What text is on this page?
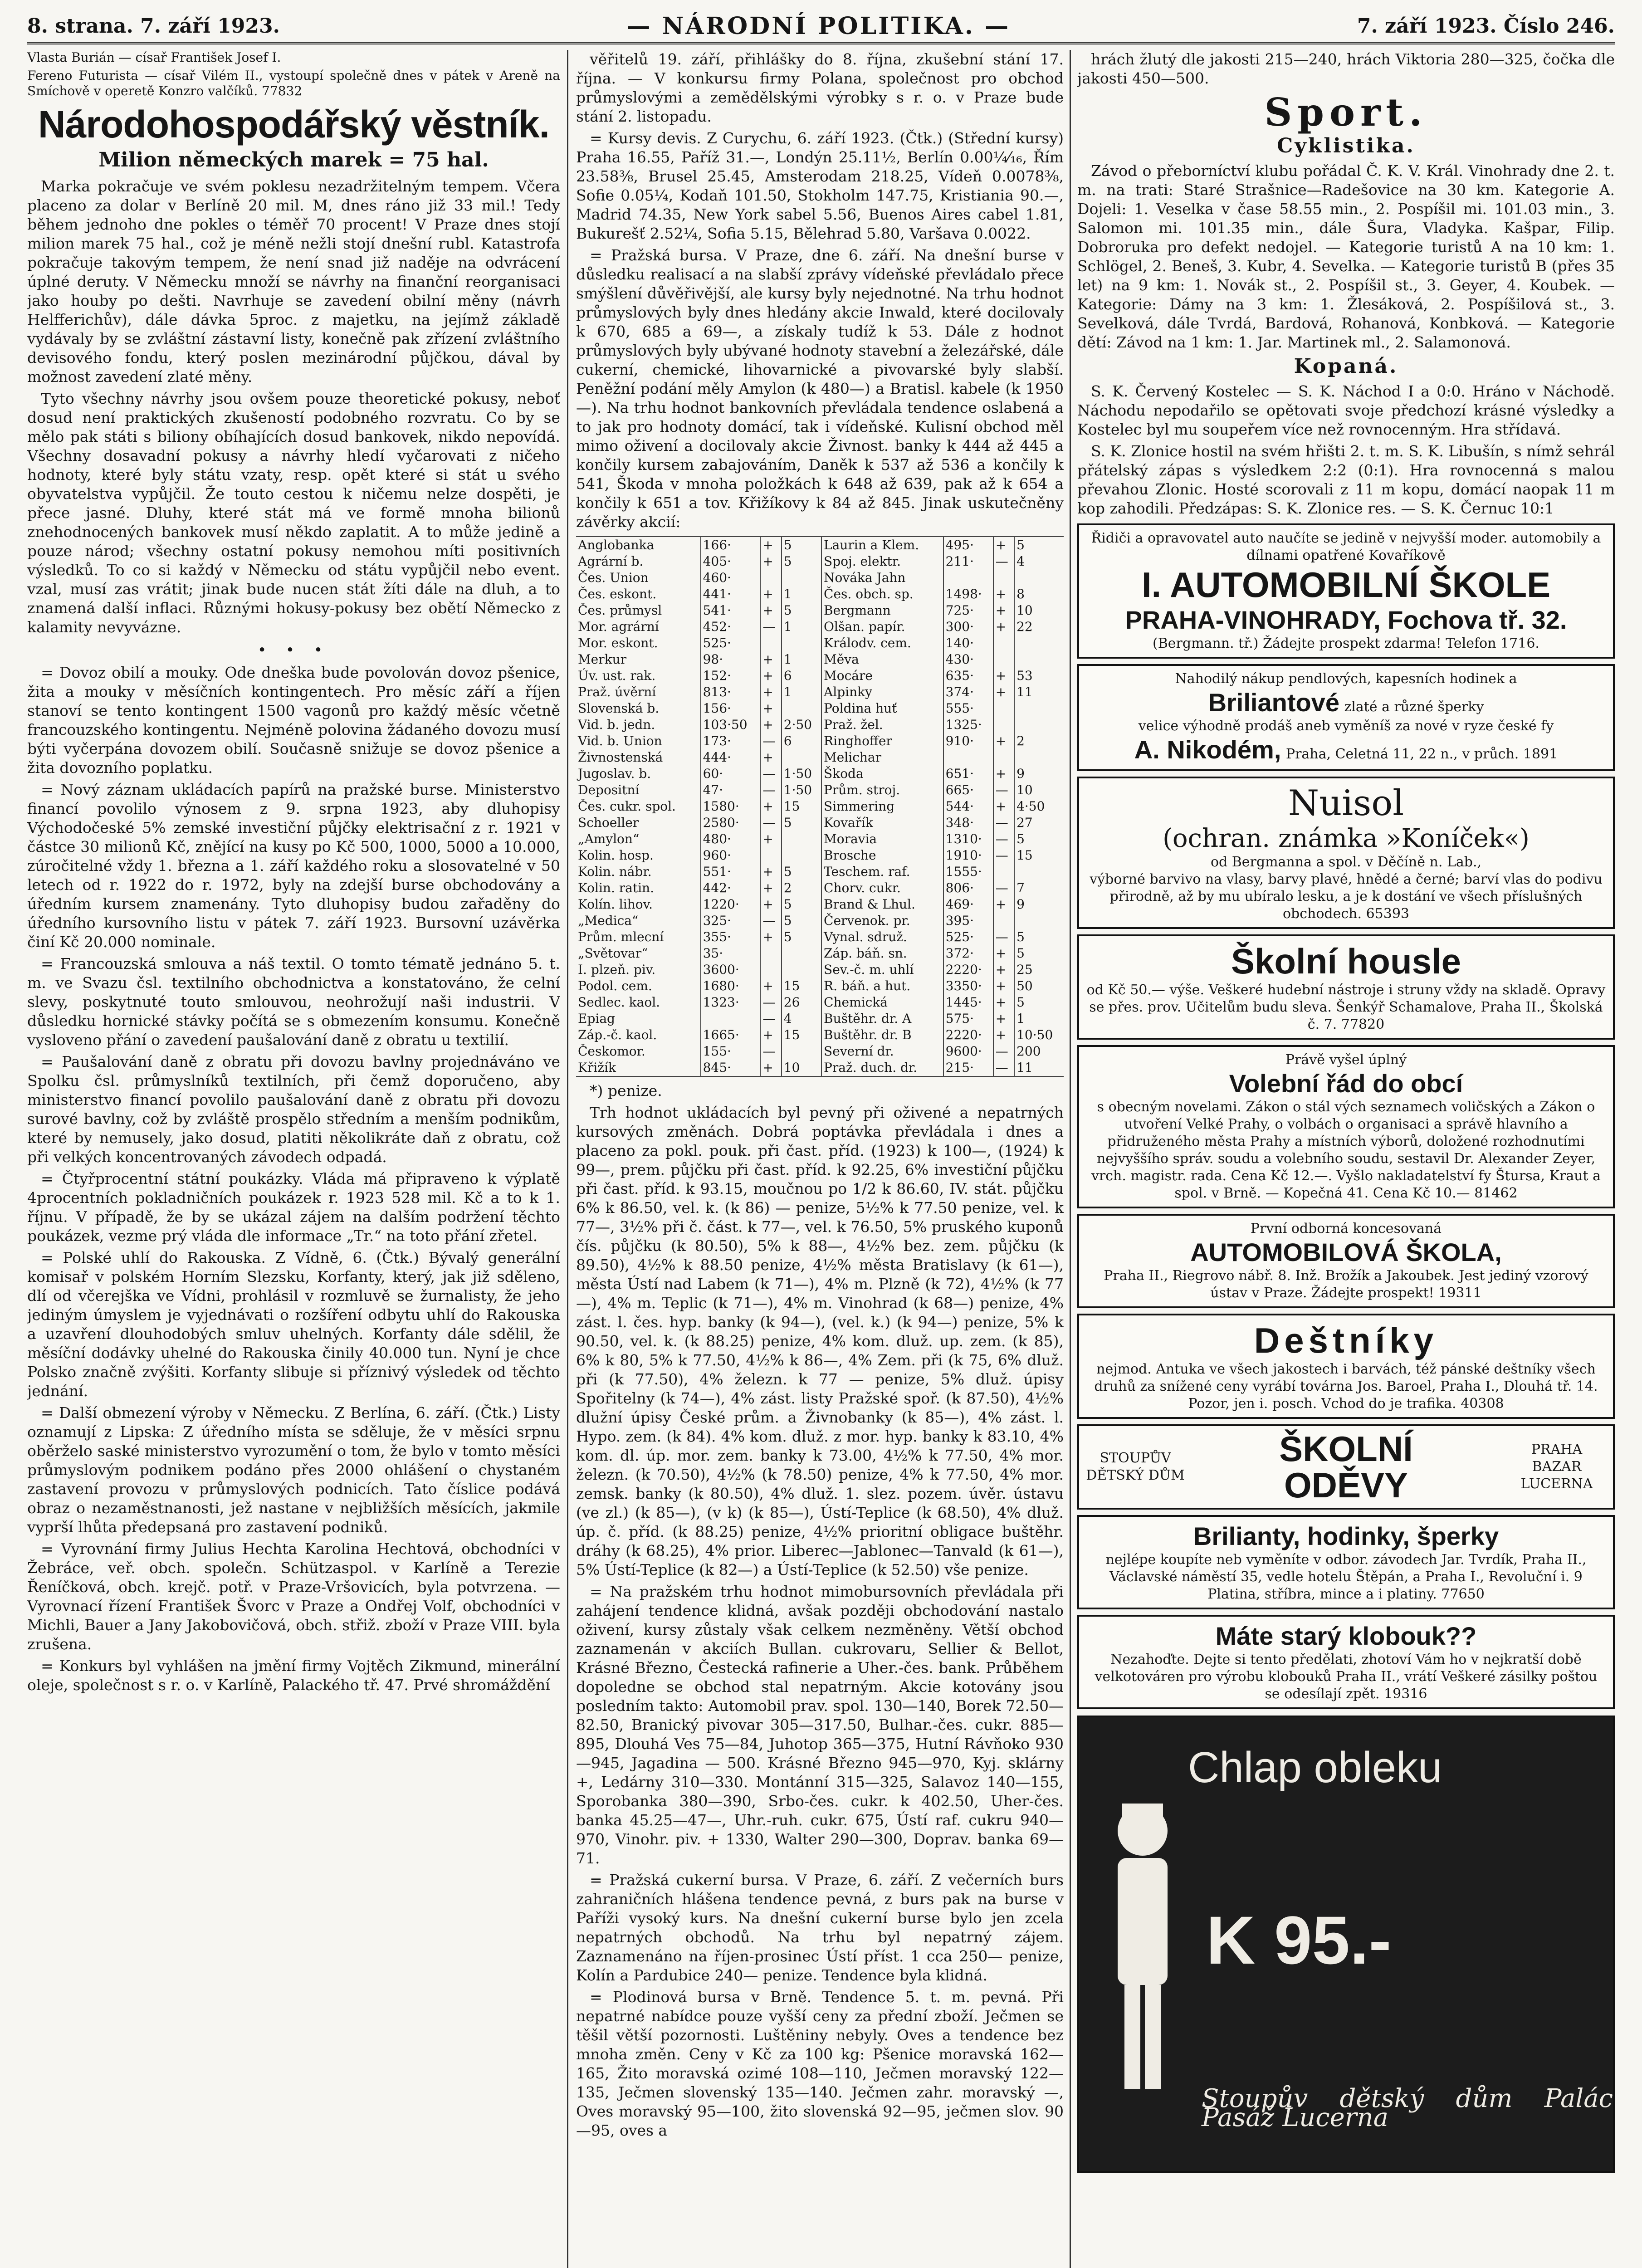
8. strana. 7. září 1923.	— NÁRODNÍ POLITIKA. —	7. září 1923. Číslo 246.

Vlasta Burián — císař František Josef I.

Fereno Futurista — císař Vilém II., vystoupí společně dnes v pátek v Areně na Smíchově v operetě Konzro valčíků. 77832

Národohospodářský věstník.
Milion německých marek = 75 hal.

Marka pokračuje ve svém poklesu nezadržitelným tempem. Včera placeno za dolar v Berlíně 20 mil. M, dnes ráno již 33 mil.! Tedy během jednoho dne pokles o téměř 70 procent! V Praze dnes stojí milion marek 75 hal., což je méně nežli stojí dnešní rubl. Katastrofa pokračuje takovým tempem, že není snad již naděje na odvrácení úplné deruty. V Německu množí se návrhy na finanční reorganisaci jako houby po dešti. Navrhuje se zavedení obilní měny (návrh Helfferichův), dále dávka 5proc. z majetku, na jejímž základě vydávaly by se zvláštní zástavní listy, konečně pak zřízení zvláštního devisového fondu, který poslen mezinárodní půjčkou, dával by možnost zavedení zlaté měny.

Tyto všechny návrhy jsou ovšem pouze theoretické pokusy, neboť dosud není praktických zkušeností podobného rozvratu. Co by se mělo pak státi s biliony obíhajících dosud bankovek, nikdo nepovídá. Všechny dosavadní pokusy a návrhy hledí vyčarovati z ničeho hodnoty, které byly státu vzaty, resp. opět které si stát u svého obyvatelstva vypůjčil. Že touto cestou k ničemu nelze dospěti, je přece jasné. Dluhy, které stát má ve formě mnoha bilionů znehodnocených bankovek musí někdo zaplatit. A to může jedině a pouze národ; všechny ostatní pokusy nemohou míti positivních výsledků. To co si každý v Německu od státu vypůjčil nebo event. vzal, musí zas vrátit; jinak bude nucen stát žíti dále na dluh, a to znamená další inflaci. Různými hokusy-pokusy bez obětí Německo z kalamity nevyvázne.

• • •

= Dovoz obilí a mouky. Ode dneška bude povolován dovoz pšenice, žita a mouky v měsíčních kontingentech. Pro měsíc září a říjen stanoví se tento kontingent 1500 vagonů pro každý měsíc včetně francouzského kontingentu. Nejméně polovina žádaného dovozu musí býti vyčerpána dovozem obilí. Současně snižuje se dovoz pšenice a žita dovozního poplatku.

= Nový záznam ukládacích papírů na pražské burse. Ministerstvo financí povolilo výnosem z 9. srpna 1923, aby dluhopisy Východočeské 5% zemské investiční půjčky elektrisační z r. 1921 v částce 30 milionů Kč, znějící na kusy po Kč 500, 1000, 5000 a 10.000, zúročitelné vždy 1. března a 1. září každého roku a slosovatelné v 50 letech od r. 1922 do r. 1972, byly na zdejší burse obchodovány a úředním kursem znamenány. Tyto dluhopisy budou zařaděny do úředního kursovního listu v pátek 7. září 1923. Bursovní uzávěrka činí Kč 20.000 nominale.

= Francouzská smlouva a náš textil. O tomto tématě jednáno 5. t. m. ve Svazu čsl. textilního obchodnictva a konstatováno, že celní slevy, poskytnuté touto smlouvou, neohrožují naši industrii. V důsledku hornické stávky počítá se s obmezením konsumu. Konečně vysloveno přání o zavedení paušalování daně z obratu u textilií.

= Paušalování daně z obratu při dovozu bavlny projednáváno ve Spolku čsl. průmyslníků textilních, při čemž doporučeno, aby ministerstvo financí povolilo paušalování daně z obratu při dovozu surové bavlny, což by zvláště prospělo středním a menším podnikům, které by nemusely, jako dosud, platiti několikráte daň z obratu, což při velkých koncentrovaných závodech odpadá.

= Čtyřprocentní státní poukázky. Vláda má připraveno k výplatě 4procentních pokladničních poukázek r. 1923 528 mil. Kč a to k 1. říjnu. V případě, že by se ukázal zájem na dalším podržení těchto poukázek, vezme prý vláda dle informace „Tr.“ na toto přání zřetel.

= Polské uhlí do Rakouska. Z Vídně, 6. (Čtk.) Bývalý generální komisař v polském Horním Slezsku, Korfanty, který, jak již sděleno, dlí od včerejška ve Vídni, prohlásil v rozmluvě se žurnalisty, že jeho jediným úmyslem je vyjednávati o rozšíření odbytu uhlí do Rakouska a uzavření dlouhodobých smluv uhelných. Korfanty dále sdělil, že měsíční dodávky uhelné do Rakouska činily 40.000 tun. Nyní je chce Polsko značně zvýšiti. Korfanty slibuje si příznivý výsledek od těchto jednání.

= Další obmezení výroby v Německu. Z Berlína, 6. září. (Čtk.) Listy oznamují z Lipska: Z úředního místa se sděluje, že v měsíci srpnu oběrželo saské ministerstvo vyrozumění o tom, že bylo v tomto měsíci průmyslovým podnikem podáno přes 2000 ohlášení o chystaném zastavení provozu v průmyslových podnicích. Tato číslice podává obraz o nezaměstnanosti, jež nastane v nejbližších měsících, jakmile vyprší lhůta předepsaná pro zastavení podniků.

= Vyrovnání firmy Julius Hechta Karolina Hechtová, obchodníci v Žebráce, veř. obch. společn. Schützaspol. v Karlíně a Terezie Řeníčková, obch. krejč. potř. v Praze-Vršovicích, byla potvrzena. — Vyrovnací řízení František Švorc v Praze a Ondřej Volf, obchodníci v Michli, Bauer a Jany Jakobovičová, obch. střiž. zboží v Praze VIII. byla zrušena.

= Konkurs byl vyhlášen na jmění firmy Vojtěch Zikmund, minerální oleje, společnost s r. o. v Karlíně, Palackého tř. 47. Prvé shromáždění

věřitelů 19. září, přihlášky do 8. října, zkušební stání 17. října. — V konkursu firmy Polana, společnost pro obchod průmyslovými a zemědělskými výrobky s r. o. v Praze bude stání 2. listopadu.

= Kursy devis. Z Curychu, 6. září 1923. (Čtk.) (Střední kursy) Praha 16.55, Paříž 31.—, Londýn 25.11½, Berlín 0.00¼⁄₁₆, Řím 23.58⅜, Brusel 25.45, Amsterodam 218.25, Vídeň 0.0078⅜, Sofie 0.05¼, Kodaň 101.50, Stokholm 147.75, Kristiania 90.—, Madrid 74.35, New York sabel 5.56, Buenos Aires cabel 1.81, Bukurešť 2.52¼, Sofia 5.15, Bělehrad 5.80, Varšava 0.0022.

= Pražská bursa. V Praze, dne 6. září. Na dnešní burse v důsledku realisací a na slabší zprávy vídeňské převládalo přece smýšlení důvěřivější, ale kursy byly nejednotné. Na trhu hodnot průmyslových byly dnes hledány akcie Inwald, které docilovaly k 670, 685 a 69—, a získaly tudíž k 53. Dále z hodnot průmyslových byly ubývané hodnoty stavební a železářské, dále cukerní, chemické, lihovarnické a pivovarské byly slabší. Peněžní podání měly Amylon (k 480—) a Bratisl. kabele (k 1950—). Na trhu hodnot bankovních převládala tendence oslabená a to jak pro hodnoty domácí, tak i vídeňské. Kulisní obchod měl mimo oživení a docilovaly akcie Živnost. banky k 444 až 445 a končily kursem zabajováním, Daněk k 537 až 536 a končily k 541, Škoda v mnoha položkách k 648 až 639, pak až k 654 a končily k 651 a tov. Křižíkovy k 84 až 845. Jinak uskutečněny závěrky akcií:

Anglobanka	166·	+	5	Laurin a Klem.	495·	+	5
Agrární b.	405·	+	5	Spoj. elektr.	211·	—	4
Čes. Union	460·			Nováka Jahn			
Čes. eskont.	441·	+	1	Čes. obch. sp.	1498·	+	8
Čes. průmysl	541·	+	5	Bergmann	725·	+	10
Mor. agrární	452·	—	1	Olšan. papír.	300·	+	22
Mor. eskont.	525·			Králodv. cem.	140·		
Merkur	98·	+	1	Měva	430·		
Úv. ust. rak.	152·	+	6	Mocáre	635·	+	53
Praž. úvěrní	813·	+	1	Alpinky	374·	+	11
Slovenská b.	156·	+		Poldina huť	555·		
Vid. b. jedn.	103·50	+	2·50	Praž. žel.	1325·		
Vid. b. Union	173·	—	6	Ringhoffer	910·	+	2
Živnostenská	444·	+		Melichar			
Jugoslav. b.	60·	—	1·50	Škoda	651·	+	9
Depositní	47·	—	1·50	Prům. stroj.	665·	—	10
Čes. cukr. spol.	1580·	+	15	Simmering	544·	+	4·50
Schoeller	2580·	—	5	Kovařík	348·	—	27
„Amylon“	480·	+		Moravia	1310·	—	5
Kolin. hosp.	960·			Brosche	1910·	—	15
Kolin. nábr.	551·	+	5	Teschem. raf.	1555·		
Kolin. ratin.	442·	+	2	Chorv. cukr.	806·	—	7
Kolín. lihov.	1220·	+	5	Brand & Lhul.	469·	+	9
„Medica“	325·	—	5	Červenok. pr.	395·		
Prům. mlecní	355·	+	5	Vynal. sdruž.	525·	—	5
„Světovar“	35·			Záp. báň. sn.	372·	+	5
I. plzeň. piv.	3600·			Sev.-č. m. uhlí	2220·	+	25
Podol. cem.	1680·	+	15	R. báň. a hut.	3350·	+	50
Sedlec. kaol.	1323·	—	26	Chemická	1445·	+	5
Epiag		—	4	Buštěhr. dr. A	575·	+	1
Záp.-č. kaol.	1665·	+	15	Buštěhr. dr. B	2220·	+	10·50
Českomor.	155·	—		Severní dr.	9600·	—	200
Křižík	845·	+	10	Praž. duch. dr.	215·	—	11

*) penize.

Trh hodnot ukládacích byl pevný při oživené a nepatrných kursových změnách. Dobrá poptávka převládala i dnes a placeno za pokl. pouk. při čast. příd. (1923) k 100—, (1924) k 99—, prem. půjčku při čast. příd. k 92.25, 6% investiční půjčku při čast. příd. k 93.15, moučnou po 1/2 k 86.60, IV. stát. půjčku 6% k 86.50, vel. k. (k 86) — penize, 5½% k 77.50 penize, vel. k 77—, 3½% při č. část. k 77—, vel. k 76.50, 5% pruského kuponů čís. půjčku (k 80.50), 5% k 88—, 4½% bez. zem. půjčku (k 89.50), 4½% k 88.50 penize, 4½% města Bratislavy (k 61—), města Ústí nad Labem (k 71—), 4% m. Plzně (k 72), 4½% (k 77—), 4% m. Teplic (k 71—), 4% m. Vinohrad (k 68—) penize, 4% zást. l. čes. hyp. banky (k 94—), (vel. k.) (k 94—) penize, 5% k 90.50, vel. k. (k 88.25) penize, 4% kom. dluž. up. zem. (k 85), 6% k 80, 5% k 77.50, 4½% k 86—, 4% Zem. při (k 75, 6% dluž. při (k 77.50), 4% železn. k 77 — penize, 5% dluž. úpisy Spořitelny (k 74—), 4% zást. listy Pražské spoř. (k 87.50), 4½% dlužní úpisy České prům. a Živnobanky (k 85—), 4% zást. l. Hypo. zem. (k 84). 4% kom. dluž. z mor. hyp. banky k 83.10, 4% kom. dl. úp. mor. zem. banky k 73.00, 4½% k 77.50, 4% mor. železn. (k 70.50), 4½% (k 78.50) penize, 4% k 77.50, 4% mor. zemsk. banky (k 80.50), 4% dluž. 1. slez. pozem. úvěr. ústavu (ve zl.) (k 85—), (v k) (k 85—), Ústí-Teplice (k 68.50), 4% dluž. úp. č. příd. (k 88.25) penize, 4½% prioritní obligace buštěhr. dráhy (k 68.25), 4% prior. Liberec—Jablonec—Tanvald (k 61—), 5% Ústí-Teplice (k 82—) a Ústí-Teplice (k 52.50) vše penize.

= Na pražském trhu hodnot mimobursovních převládala při zahájení tendence klidná, avšak později obchodování nastalo oživení, kursy zůstaly však celkem nezměněny. Větší obchod zaznamenán v akciích Bullan. cukrovaru, Sellier & Bellot, Krásné Březno, Čestecká rafinerie a Uher.-čes. bank. Průběhem dopoledne se obchod stal nepatrným. Akcie kotovány jsou posledním takto: Automobil prav. spol. 130—140, Borek 72.50—82.50, Branický pivovar 305—317.50, Bulhar.-čes. cukr. 885—895, Dlouhá Ves 75—84, Juhotop 365—375, Hutní Rávňoko 930—945, Jagadina — 500. Krásné Březno 945—970, Kyj. sklárny +, Ledárny 310—330. Montánní 315—325, Salavoz 140—155, Sporobanka 380—390, Srbo-čes. cukr. k 402.50, Uher-čes. banka 45.25—47—, Uhr.-ruh. cukr. 675, Ústí raf. cukru 940—970, Vinohr. piv. + 1330, Walter 290—300, Doprav. banka 69—71.

= Pražská cukerní bursa. V Praze, 6. září. Z večerních burs zahraničních hlášena tendence pevná, z burs pak na burse v Paříži vysoký kurs. Na dnešní cukerní burse bylo jen zcela nepatrných obchodů. Na trhu byl nepatrný zájem. Zaznamenáno na říjen-prosinec Ústí příst. 1 cca 250— penize, Kolín a Pardubice 240— penize. Tendence byla klidná.

= Plodinová bursa v Brně. Tendence 5. t. m. pevná. Při nepatrné nabídce pouze vyšší ceny za přední zboží. Ječmen se těšil větší pozornosti. Luštěniny nebyly. Oves a tendence bez mnoha změn. Ceny v Kč za 100 kg: Pšenice moravská 162—165, Žito moravská ozimé 108—110, Ječmen moravský 122—135, Ječmen slovenský 135—140. Ječmen zahr. moravský —, Oves moravský 95—100, žito slovenská 92—95, ječmen slov. 90—95, oves a

hrách žlutý dle jakosti 215—240, hrách Viktoria 280—325, čočka dle jakosti 450—500.

Sport.
Cyklistika.

Závod o přeborníctví klubu pořádal Č. K. V. Král. Vinohrady dne 2. t. m. na trati: Staré Strašnice—Radešovice na 30 km. Kategorie A. Dojeli: 1. Veselka v čase 58.55 min., 2. Pospíšil mi. 101.03 min., 3. Salomon mi. 101.35 min., dále Šura, Vladyka. Kašpar, Filip. Dobroruka pro defekt nedojel. — Kategorie turistů A na 10 km: 1. Schlögel, 2. Beneš, 3. Kubr, 4. Sevelka. — Kategorie turistů B (přes 35 let) na 9 km: 1. Novák st., 2. Pospíšil st., 3. Geyer, 4. Koubek. — Kategorie: Dámy na 3 km: 1. Žlesáková, 2. Pospíšilová st., 3. Sevelková, dále Tvrdá, Bardová, Rohanová, Konbková. — Kategorie dětí: Závod na 1 km: 1. Jar. Martinek ml., 2. Salamonová.

Kopaná.

S. K. Červený Kostelec — S. K. Náchod I a 0:0. Hráno v Náchodě. Náchodu nepodařilo se opětovati svoje předchozí krásné výsledky a Kostelec byl mu soupeřem více než rovnocenným. Hra střídavá.

S. K. Zlonice hostil na svém hřišti 2. t. m. S. K. Libušín, s nímž sehrál přátelský zápas s výsledkem 2:2 (0:1). Hra rovnocenná s malou převahou Zlonic. Hosté scorovali z 11 m kopu, domácí naopak 11 m kop zahodili. Předzápas: S. K. Zlonice res. — S. K. Černuc 10:1

Řidiči a opravovatel auto naučíte se jedině v nejvyšší moder. automobily a dílnami opatřené Kovaříkově
I. AUTOMOBILNÍ ŠKOLE
PRAHA-VINOHRADY, Fochova tř. 32.
(Bergmann. tř.) Žádejte prospekt zdarma! Telefon 1716.
Nahodilý nákup pendlových, kapesních hodinek a
Briliantové zlaté a různé šperky
velice výhodně prodáš aneb vyměníš za nové v ryze české fy
A. Nikodém, Praha, Celetná 11, 22 n., v průch. 1891
Nuisol
(ochran. známka »Koníček«)
od Bergmanna a spol. v Děčíně n. Lab.,
výborné barvivo na vlasy, barvy plavé, hnědé a černé; barví vlas do podivu přirodně, až by mu ubíralo lesku, a je k dostání ve všech příslušných obchodech. 65393
Školní housle
od Kč 50.— výše. Veškeré hudební nástroje i struny vždy na skladě. Opravy se přes. prov. Učitelům budu sleva. Šenkýř Schamalove, Praha II., Školská č. 7. 77820
Právě vyšel úplný
Volební řád do obcí
s obecným novelami. Zákon o stál vých seznamech voličských a Zákon o utvoření Velké Prahy, o volbách o organisaci a správě hlavního a přidruženého města Prahy a místních výborů, doložené rozhodnutími nejvyššího správ. soudu a volebního soudu, sestavil Dr. Alexander Zeyer, vrch. magistr. rada. Cena Kč 12.—. Vyšlo nakladatelství fy Štursa, Kraut a spol. v Brně. — Kopečná 41. Cena Kč 10.— 81462
První odborná koncesovaná
AUTOMOBILOVÁ ŠKOLA,
Praha II., Riegrovo nábř. 8. Inž. Brožík a Jakoubek. Jest jediný vzorový ústav v Praze. Žádejte prospekt! 19311
Deštníky
nejmod. Antuka ve všech jakostech i barvách, též pánské deštníky všech druhů za snížené ceny vyrábí továrna Jos. Baroel, Praha I., Dlouhá tř. 14. Pozor, jen i. posch. Vchod do je trafika. 40308
STOUPŮV DĚTSKÝ DŮM
ŠKOLNÍ ODĚVY
PRAHA BAZAR LUCERNA
Brilianty, hodinky, šperky
nejlépe koupíte neb vyměníte v odbor. závodech Jar. Tvrdík, Praha II., Václavské náměstí 35, vedle hotelu Štěpán, a Praha I., Revoluční i. 9 Platina, stříbra, mince a i platiny. 77650
Máte starý klobouk??
Nezahoďte. Dejte si tento předělati, zhotoví Vám ho v nejkratší době velkotováren pro výrobu klobouků Praha II., vrátí Veškeré zásilky poštou se odesílají zpět. 19316
Chlap obleku
K 95.-
Stoupův dětský dům Palác Pasáž Lucerna
